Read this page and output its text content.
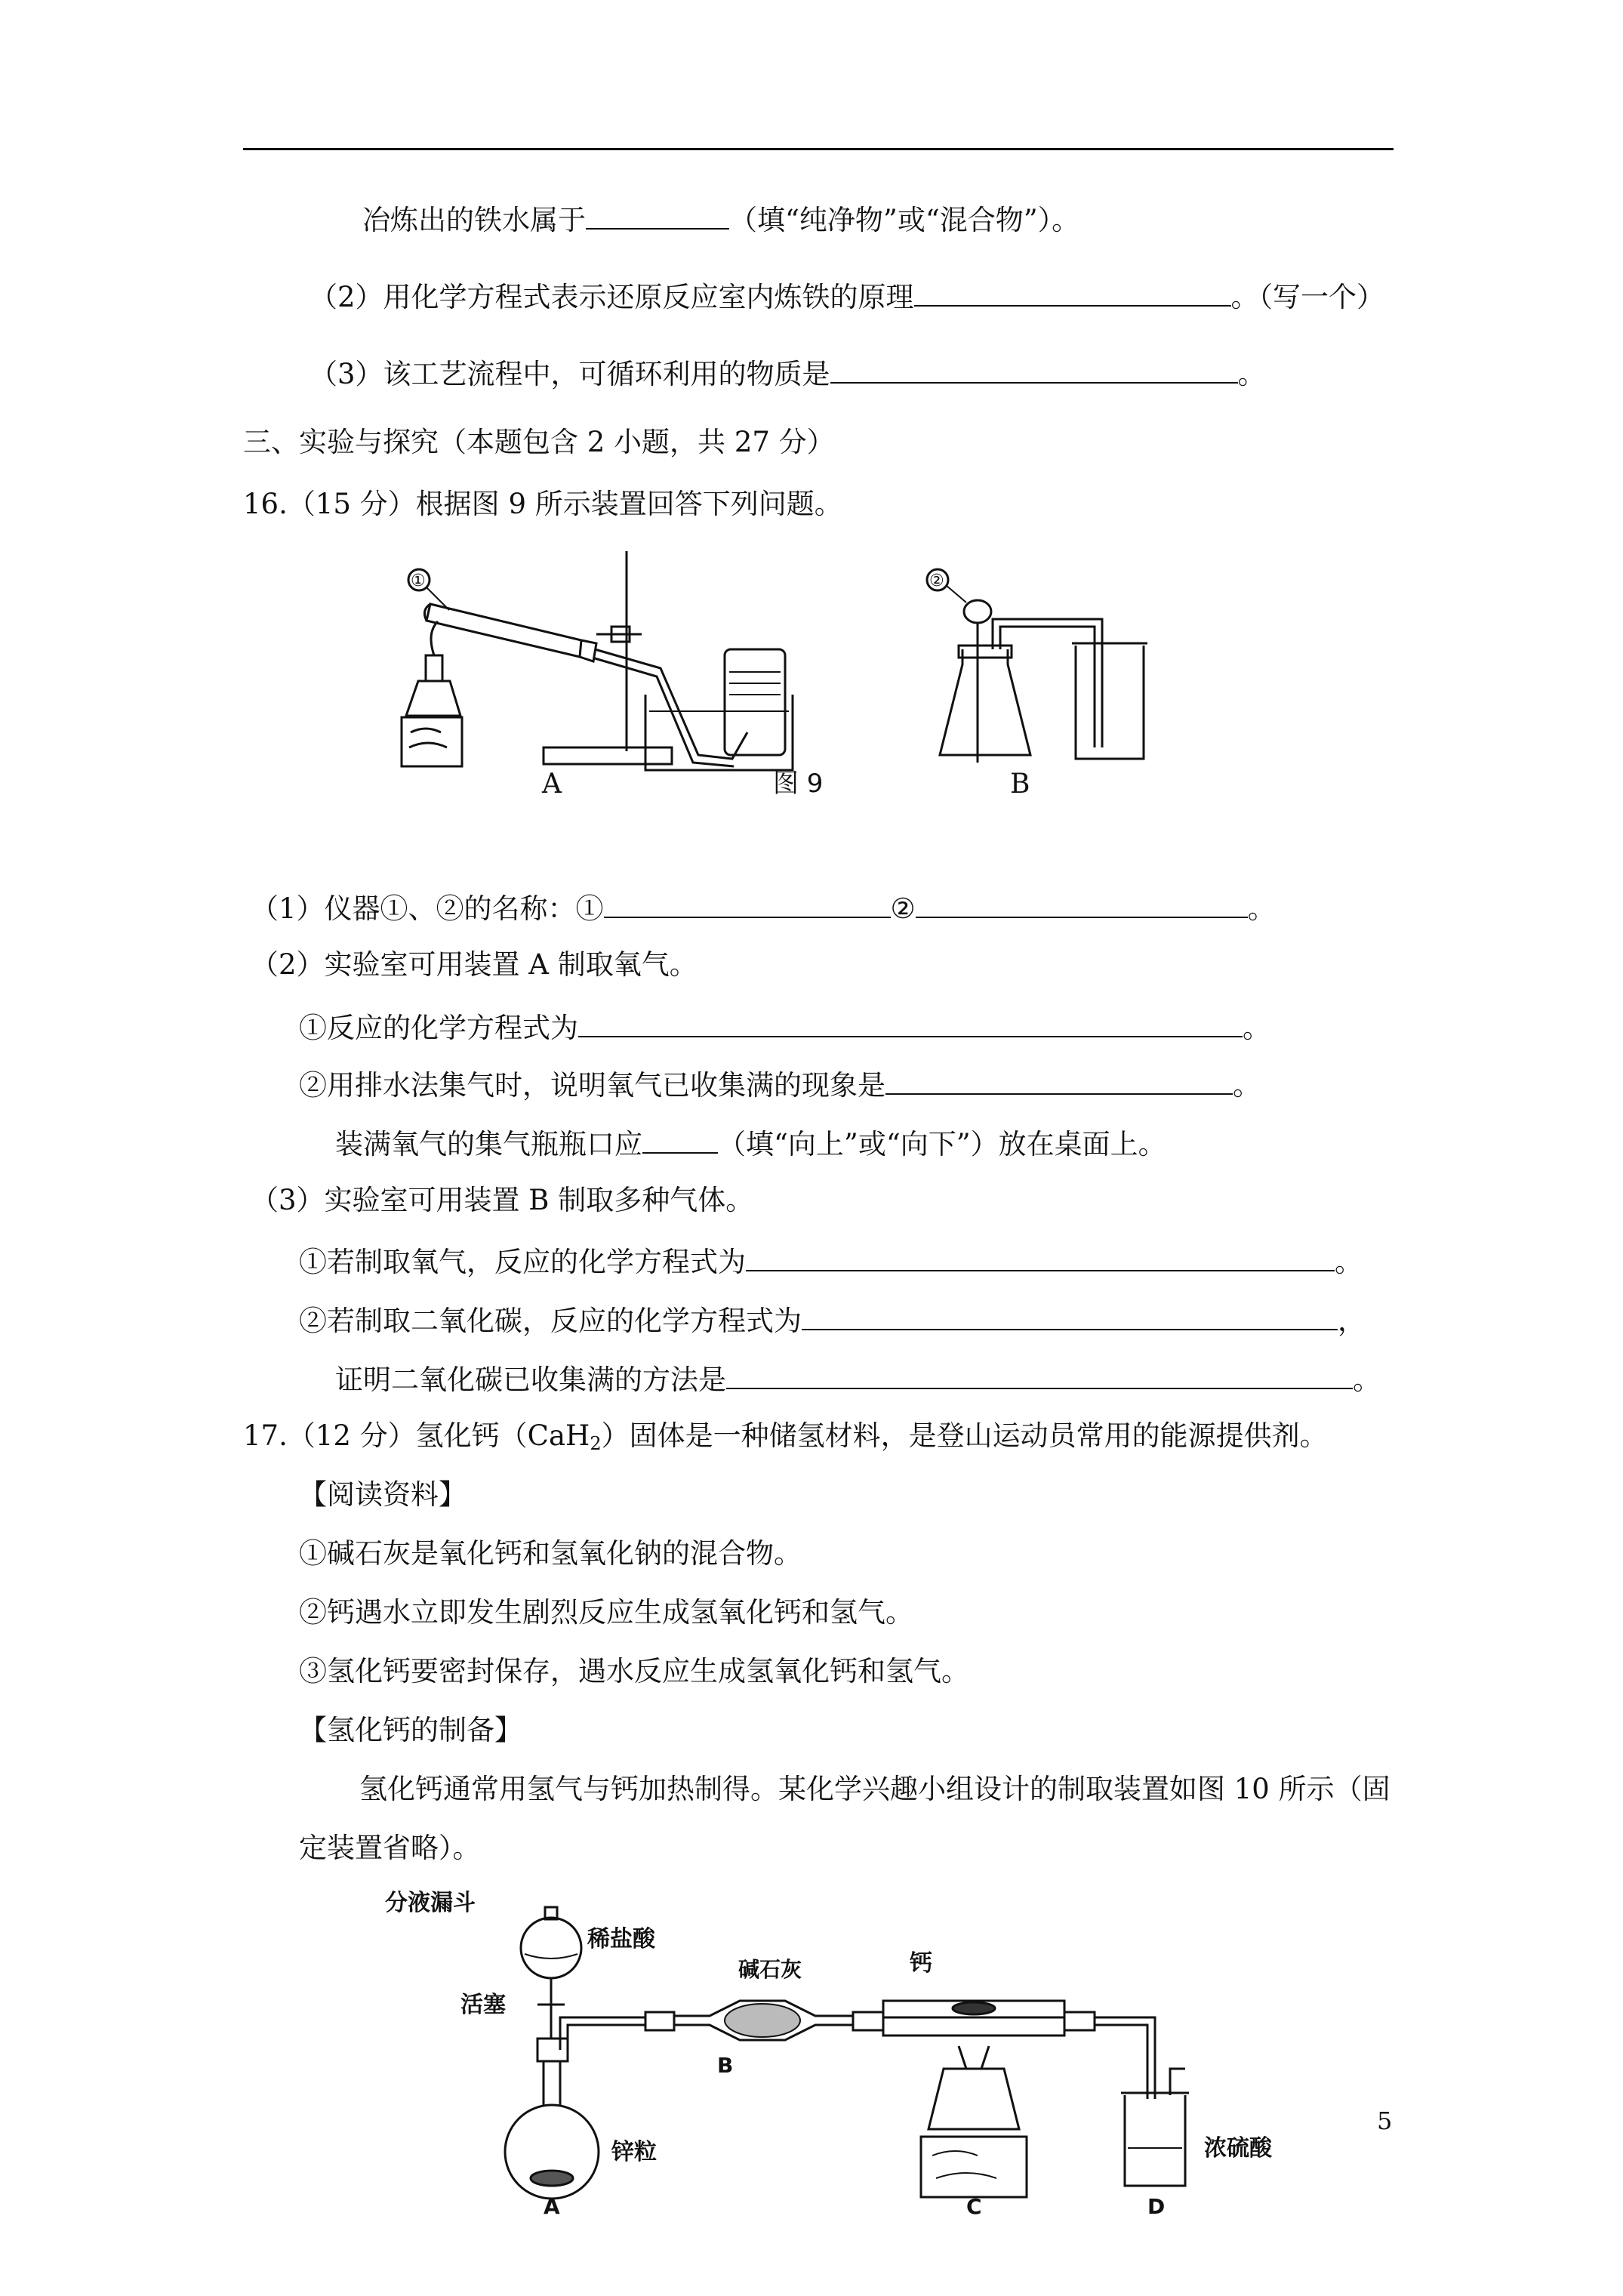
冶炼出的铁水属于	（填“纯净物”或“混合物”）。
（2）用化学方程式表示还原反应室内炼铁的原理	。（写一个）
（3）该工艺流程中，可循环利用的物质是	。
三、实验与探究（本题包含 2 小题，共 27 分）
16.（15 分）根据图 9 所示装置回答下列问题。
①	②
A	图 9	B
（1）仪器①、②的名称：①	②	。
（2）实验室可用装置 A 制取氧气。
①反应的化学方程式为	。
②用排水法集气时，说明氧气已收集满的现象是	。
装满氧气的集气瓶瓶口应	（填“向上”或“向下”）放在桌面上。
（3）实验室可用装置 B 制取多种气体。
①若制取氧气，反应的化学方程式为	。
②若制取二氧化碳，反应的化学方程式为	，
证明二氧化碳已收集满的方法是	。
17.（12 分）氢化钙（CaH$_2$）固体是一种储氢材料，是登山运动员常用的能源提供剂。
【阅读资料】
①碱石灰是氧化钙和氢氧化钠的混合物。
②钙遇水立即发生剧烈反应生成氢氧化钙和氢气。
③氢化钙要密封保存，遇水反应生成氢氧化钙和氢气。
【氢化钙的制备】
氢化钙通常用氢气与钙加热制得。某化学兴趣小组设计的制取装置如图 10 所示（固
定装置省略）。
分液漏斗
稀盐酸
活塞
碱石灰	钙
锌粒	浓硫酸
A
B
C	D
5
